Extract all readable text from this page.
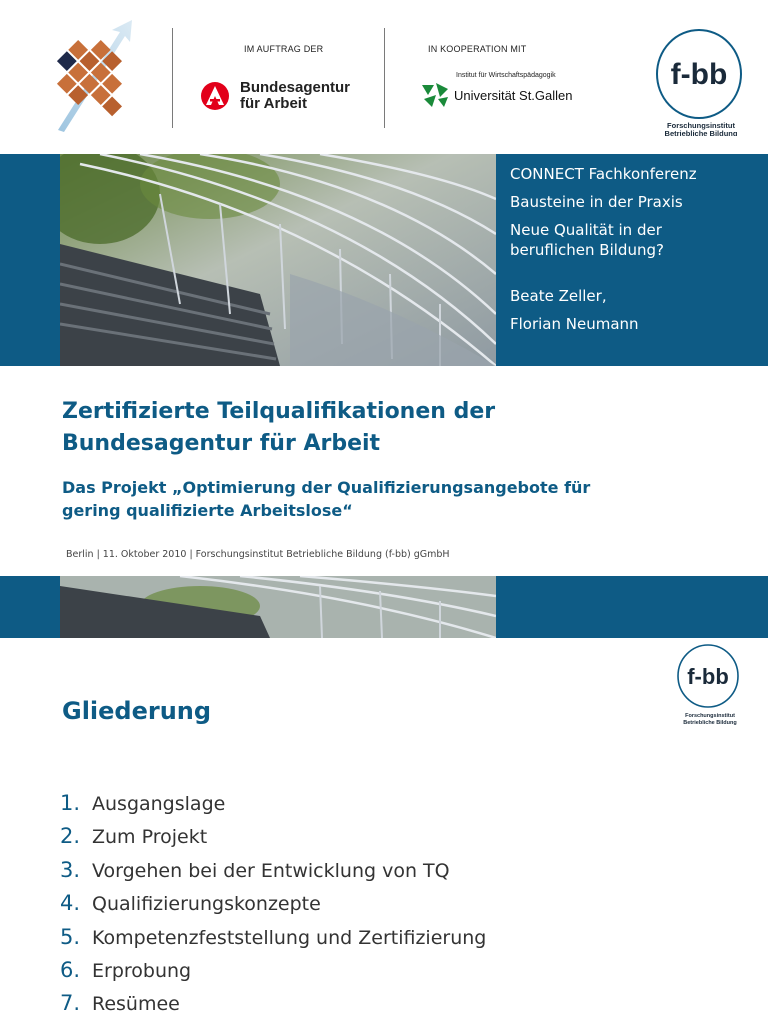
IM AUFTRAG DER
Bundesagentur
für Arbeit
IN KOOPERATION MIT
Institut für Wirtschaftspädagogik
Universität St.Gallen
f-bb
Forschungsinstitut
Betriebliche Bildung
CONNECT Fachkonferenz
Bausteine in der Praxis
Neue Qualität in der
beruflichen Bildung?
Beate Zeller,
Florian Neumann
Zertifizierte Teilqualifikationen der
Bundesagentur für Arbeit
Das Projekt „Optimierung der Qualifizierungsangebote für
gering qualifizierte Arbeitslose“
Berlin | 11. Oktober 2010 | Forschungsinstitut Betriebliche Bildung (f-bb) gGmbH
f-bb
Forschungsinstitut
Betriebliche Bildung
Gliederung
1. Ausgangslage
2. Zum Projekt
3. Vorgehen bei der Entwicklung von TQ
4. Qualifizierungskonzepte
5. Kompetenzfeststellung und Zertifizierung
6. Erprobung
7. Resümee
